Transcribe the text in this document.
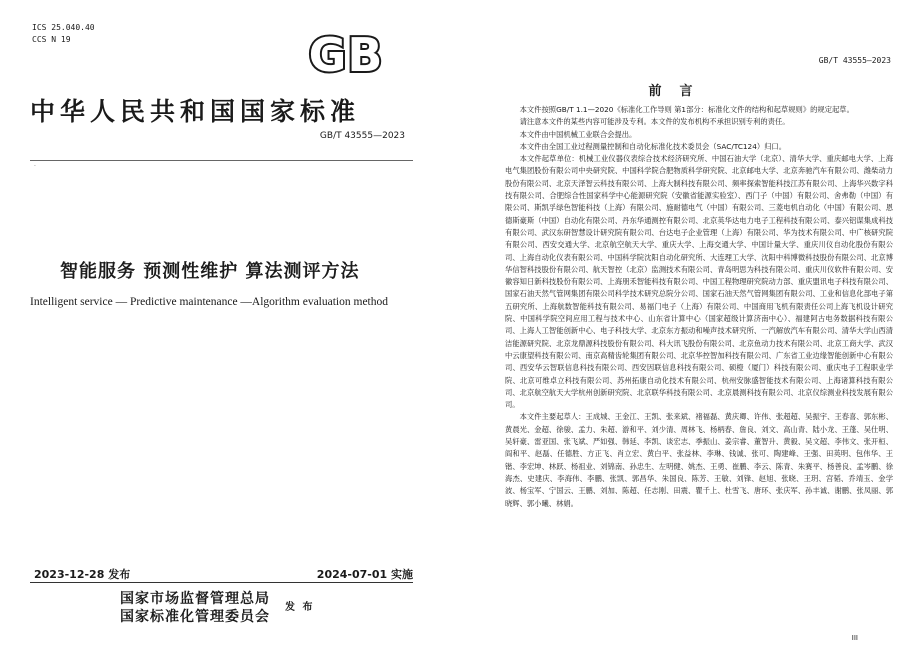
ICS 25.040.40
CCS N 19	GB
中华人民共和国国家标准
GB/T 43555—2023
·
智能服务 预测性维护 算法测评方法
Intelligent service — Predictive maintenance —Algorithm evaluation method
2023-12-28 发布	2024-07-01 实施
国家市场监督管理总局
国家标准化管理委员会
发 布
GB/T 43555—2023
前言

本文件按照GB/T 1.1—2020《标准化工作导则 第1部分：标准化文件的结构和起草规则》的规定起草。

请注意本文件的某些内容可能涉及专利。本文件的发布机构不承担识别专利的责任。

本文件由中国机械工业联合会提出。

本文件由全国工业过程测量控制和自动化标准化技术委员会（SAC/TC124）归口。

本文件起草单位：机械工业仪器仪表综合技术经济研究所、中国石油大学（北京）、清华大学、重庆邮电大学、上海电气集团股份有限公司中央研究院、中国科学院合肥物质科学研究院、北京邮电大学、北京奔驰汽车有限公司、潍柴动力股份有限公司、北京天泽智云科技有限公司、上海大制科技有限公司、频率探索智能科技江苏有限公司、上海华兴数字科技有限公司、合肥综合性国家科学中心能源研究院（安徽省能源实验室）、西门子（中国）有限公司、舍弗勒（中国）有限公司、斯凯孚绿色智能科技（上海）有限公司、施耐德电气（中国）有限公司、三菱电机自动化（中国）有限公司、恩德斯豪斯（中国）自动化有限公司、丹东华通测控有限公司、北京英华达电力电子工程科技有限公司、泰兴铝谋集成科技有限公司、武汉东研智慧设计研究院有限公司、台达电子企业管理（上海）有限公司、华为技术有限公司、中广核研究院有限公司、西安交通大学、北京航空航天大学、重庆大学、上海交通大学、中国计量大学、重庆川仪自动化股份有限公司、上海自动化仪表有限公司、中国科学院沈阳自动化研究所、大连理工大学、沈阳中科博微科技股份有限公司、北京博华信智科技股份有限公司、航天智控（北京）监测技术有限公司、青岛明思为科技有限公司、重庆川仪软件有限公司、安徽容知日新科技股份有限公司、上海朋禾智能科技有限公司、中国工程物理研究院动力部、重庆盟讯电子科技有限公司、国家石油天然气管网集团有限公司科学技术研究总院分公司、国家石油天然气管网集团有限公司、工业和信息化部电子第五研究所、上海航数智能科技有限公司、易福门电子（上海）有限公司、中国商用飞机有限责任公司上海飞机设计研究院、中国科学院空间应用工程与技术中心、山东省计算中心（国家超级计算济南中心）、福建阿古电务数据科技有限公司、上海人工智能创新中心、电子科技大学、北京东方振动和噪声技术研究所、一汽解放汽车有限公司、清华大学山西清洁能源研究院、北京龙鼎源科技股份有限公司、科大讯飞股份有限公司、北京鱼动力技术有限公司、北京工商大学、武汉中云康望科技有限公司、南京高精齿轮集团有限公司、北京华控智加科技有限公司、广东省工业边缘智能创新中心有限公司、西安华云智联信息科技有限公司、西安因联信息科技有限公司、硕橙（厦门）科技有限公司、重庆电子工程职业学院、北京可维卓立科技有限公司、苏州拓康自动化技术有限公司、杭州安脉盛智能技术有限公司、上海诸算科技有限公司、北京航空航天大学杭州创新研究院、北京联华科技有限公司、北京晨测科技有限公司、北京仪综测业科技发展有限公司。

本文件主要起草人：王成城、王金江、王凯、张来斌、褚福磊、黄庆卿、许伟、张超超、吴振宇、王春喜、郭东彬、黄晨光、金超、徐骏、孟力、朱超、游和平、刘少清、周林飞、杨柄春、詹良、刘文、高山青、陆小龙、王蓬、吴仕明、吴轩豪、雷亚国、张飞斌、严如强、韩延、李凯、谈宏志、季振山、姜宗睿、董智升、黄毅、吴文超、李伟文、张开桓、阎和平、赵磊、任德胜、方正飞、肖立宏、黄白平、张益林、李琳、钱诚、张可、陶建峰、王强、田英明、包伟华、王锴、李宏坤、林跃、杨祖业、刘锦南、孙忠生、左明健、姚杰、王勇、崔鹏、李云、陈青、朱赛平、杨善良、孟岑鹏、徐海杰、史建庆、李海伟、李鹏、张凯、郭昌华、朱国良、陈芳、王敏、刘锋、赵旭、张晓、王玥、宫韬、乔靖玉、金学波、杨宝军、宁国云、王鹏、刘加、陈超、任志刚、田震、瞿千上、杜雪飞、唐环、张庆军、孙丰诚、谢鹏、张凤丽、郭晓辉、郭小曦、林娟。

III
